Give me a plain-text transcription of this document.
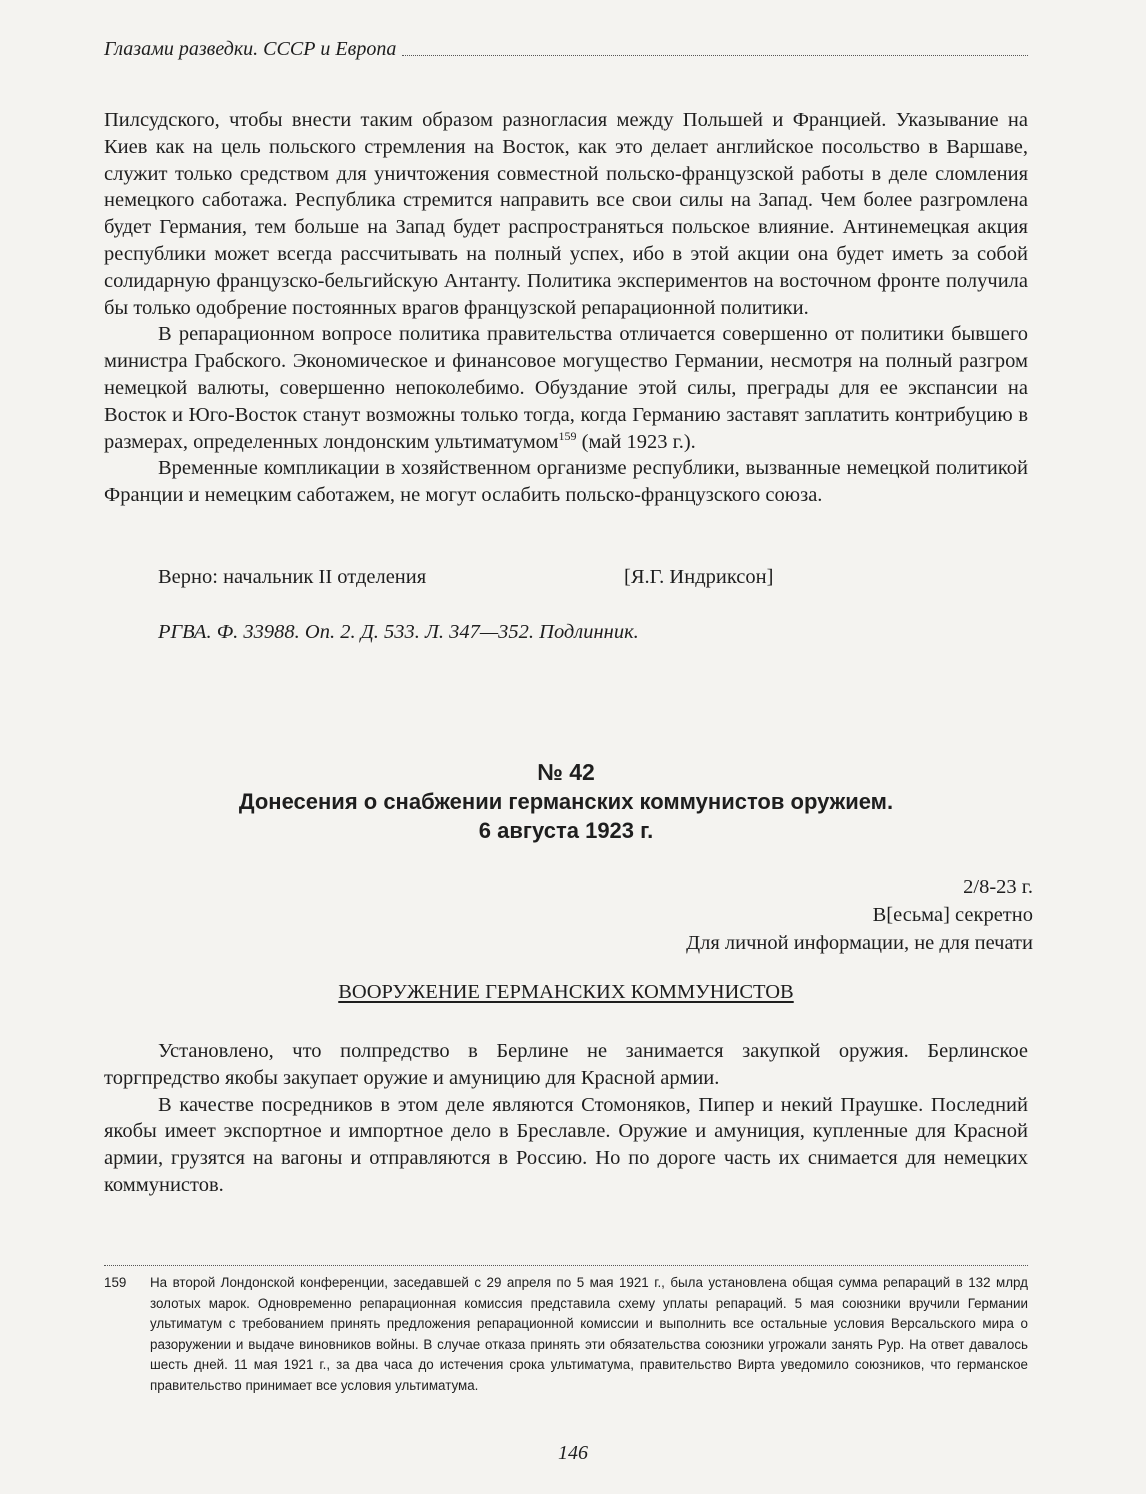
Глазами разведки. СССР и Европа

Пилсудского, чтобы внести таким образом разногласия между Польшей и Францией. Указывание на Киев как на цель польского стремления на Восток, как это делает английское посольство в Варшаве, служит только средством для уничтожения совместной польско-французской работы в деле сломления немецкого саботажа. Республика стремится направить все свои силы на Запад. Чем более разгромлена будет Германия, тем больше на Запад будет распространяться польское влияние. Антинемецкая акция республики может всегда рассчитывать на полный успех, ибо в этой акции она будет иметь за собой солидарную французско-бельгийскую Антанту. Политика экспериментов на восточном фронте получила бы только одобрение постоянных врагов французской репарационной политики.

В репарационном вопросе политика правительства отличается совершенно от политики бывшего министра Грабского. Экономическое и финансовое могущество Германии, несмотря на полный разгром немецкой валюты, совершенно непоколебимо. Обуздание этой силы, преграды для ее экспансии на Восток и Юго-Восток станут возможны только тогда, когда Германию заставят заплатить контрибуцию в размерах, определенных лондонским ультиматумом$^{159}$ (май 1923 г.).

Временные компликации в хозяйственном организме республики, вызванные немецкой политикой Франции и немецким саботажем, не могут ослабить польско-французского союза.

Верно: начальник II отделения	[Я.Г. Индриксон]
РГВА. Ф. 33988. Оп. 2. Д. 533. Л. 347—352. Подлинник.
№ 42
Донесения о снабжении германских коммунистов оружием.
6 августа 1923 г.
2/8-23 г.
В[есьма] секретно
Для личной информации, не для печати
ВООРУЖЕНИЕ ГЕРМАНСКИХ КОММУНИСТОВ

Установлено, что полпредство в Берлине не занимается закупкой оружия. Берлинское торгпредство якобы закупает оружие и амуницию для Красной армии.

В качестве посредников в этом деле являются Стомоняков, Пипер и некий Праушке. Последний якобы имеет экспортное и импортное дело в Бреславле. Оружие и амуниция, купленные для Красной армии, грузятся на вагоны и отправляются в Россию. Но по дороге часть их снимается для немецких коммунистов.

159 На второй Лондонской конференции, заседавшей с 29 апреля по 5 мая 1921 г., была установлена общая сумма репараций в 132 млрд золотых марок. Одновременно репарационная комиссия представила схему уплаты репараций. 5 мая союзники вручили Германии ультиматум с требованием принять предложения репарационной комиссии и выполнить все остальные условия Версальского мира о разоружении и выдаче виновников войны. В случае отказа принять эти обязательства союзники угрожали занять Рур. На ответ давалось шесть дней. 11 мая 1921 г., за два часа до истечения срока ультиматума, правительство Вирта уведомило союзников, что германское правительство принимает все условия ультиматума.
146
